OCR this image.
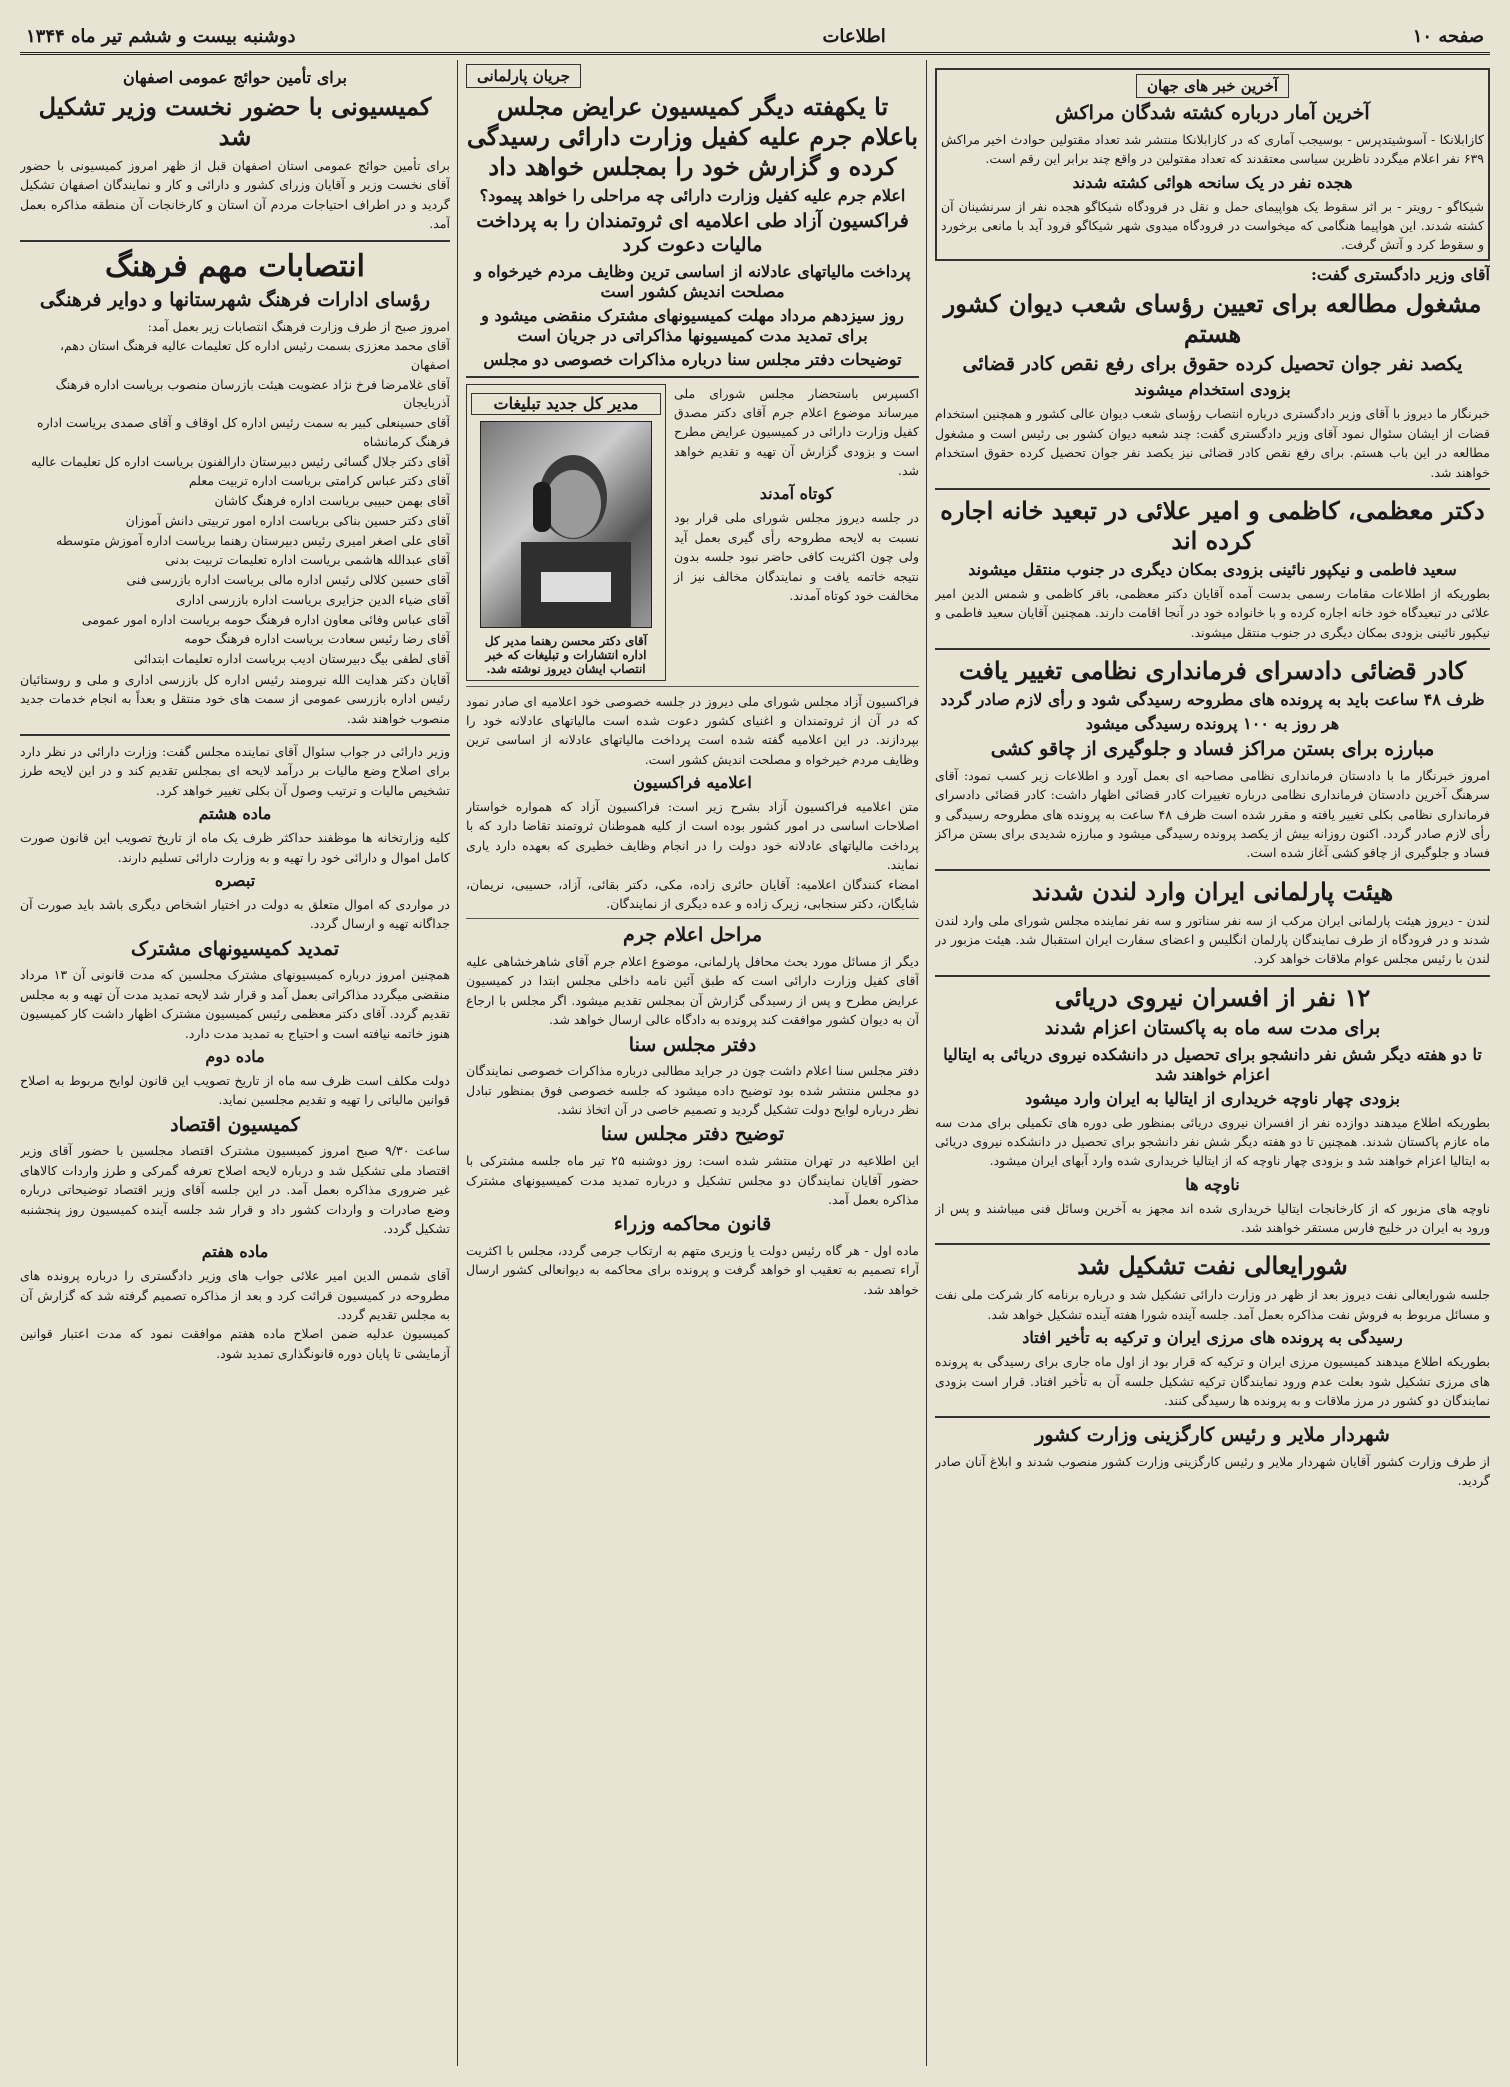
صفحه ۱۰
اطلاعات
دوشنبه بیست و ششم تیر ماه ۱۳۴۴
آخرین خبر های جهان
آخرین آمار درباره کشته شدگان مراکش
کازابلانکا - آسوشیتدپرس - بوسیجب آماری که در کازابلانکا منتشر شد تعداد مقتولین حوادث اخیر مراکش ۶۳۹ نفر اعلام میگردد ناظرین سیاسی معتقدند که تعداد مقتولین در واقع چند برابر این رقم است.
هجده نفر در یک سانحه هوائی کشته شدند
شیکاگو - رویتر - بر اثر سقوط یک هواپیمای حمل و نقل در فرودگاه شیکاگو هجده نفر از سرنشینان آن کشته شدند. این هواپیما هنگامی که میخواست در فرودگاه میدوی شهر شیکاگو فرود آید با مانعی برخورد و سقوط کرد و آتش گرفت.
آقای وزیر دادگستری گفت:
مشغول مطالعه برای تعیین رؤسای شعب دیوان کشور هستم
یکصد نفر جوان تحصیل کرده حقوق برای رفع نقص کادر قضائی
بزودی استخدام میشوند
خبرنگار ما دیروز با آقای وزیر دادگستری درباره انتصاب رؤسای شعب دیوان عالی کشور و همچنین استخدام قضات از ایشان سئوال نمود آقای وزیر دادگستری گفت: چند شعبه دیوان کشور بی رئیس است و مشغول مطالعه در این باب هستم. برای رفع نقص کادر قضائی نیز یکصد نفر جوان تحصیل کرده حقوق استخدام خواهند شد.
دکتر معظمی، کاظمی و امیر علائی در تبعید خانه اجاره کرده اند
سعید فاطمی و نیکپور نائینی بزودی بمکان دیگری در جنوب منتقل میشوند
بطوریکه از اطلاعات مقامات رسمی بدست آمده آقایان دکتر معظمی، باقر کاظمی و شمس الدین امیر علائی در تبعیدگاه خود خانه اجاره کرده و با خانواده خود در آنجا اقامت دارند. همچنین آقایان سعید فاطمی و نیکپور نائینی بزودی بمکان دیگری در جنوب منتقل میشوند.
کادر قضائی دادسرای فرمانداری نظامی تغییر یافت
ظرف ۴۸ ساعت باید به پرونده های مطروحه رسیدگی شود و رأی لازم صادر گردد
هر روز به ۱۰۰ پرونده رسیدگی میشود
مبارزه برای بستن مراکز فساد و جلوگیری از چاقو کشی
امروز خبرنگار ما با دادستان فرمانداری نظامی مصاحبه ای بعمل آورد و اطلاعات زیر کسب نمود: آقای سرهنگ آخرین دادستان فرمانداری نظامی درباره تغییرات کادر قضائی اظهار داشت: کادر قضائی دادسرای فرمانداری نظامی بکلی تغییر یافته و مقرر شده است ظرف ۴۸ ساعت به پرونده های مطروحه رسیدگی و رأی لازم صادر گردد. اکنون روزانه بیش از یکصد پرونده رسیدگی میشود و مبارزه شدیدی برای بستن مراکز فساد و جلوگیری از چاقو کشی آغاز شده است.
هیئت پارلمانی ایران وارد لندن شدند
لندن - دیروز هیئت پارلمانی ایران مرکب از سه نفر سناتور و سه نفر نماینده مجلس شورای ملی وارد لندن شدند و در فرودگاه از طرف نمایندگان پارلمان انگلیس و اعضای سفارت ایران استقبال شد. هیئت مزبور در لندن با رئیس مجلس عوام ملاقات خواهد کرد.
۱۲ نفر از افسران نیروی دریائی
برای مدت سه ماه به پاکستان اعزام شدند
تا دو هفته دیگر شش نفر دانشجو برای تحصیل در دانشکده نیروی دریائی به ایتالیا اعزام خواهند شد
بزودی چهار ناوچه خریداری از ایتالیا به ایران وارد میشود
بطوریکه اطلاع میدهند دوازده نفر از افسران نیروی دریائی بمنظور طی دوره های تکمیلی برای مدت سه ماه عازم پاکستان شدند. همچنین تا دو هفته دیگر شش نفر دانشجو برای تحصیل در دانشکده نیروی دریائی به ایتالیا اعزام خواهند شد و بزودی چهار ناوچه که از ایتالیا خریداری شده وارد آبهای ایران میشود.
ناوچه ها
ناوچه های مزبور که از کارخانجات ایتالیا خریداری شده اند مجهز به آخرین وسائل فنی میباشند و پس از ورود به ایران در خلیج فارس مستقر خواهند شد.
شورایعالی نفت تشکیل شد
جلسه شورایعالی نفت دیروز بعد از ظهر در وزارت دارائی تشکیل شد و درباره برنامه کار شرکت ملی نفت و مسائل مربوط به فروش نفت مذاکره بعمل آمد. جلسه آینده شورا هفته آینده تشکیل خواهد شد.
رسیدگی به پرونده های مرزی ایران و ترکیه به تأخیر افتاد
بطوریکه اطلاع میدهند کمیسیون مرزی ایران و ترکیه که قرار بود از اول ماه جاری برای رسیدگی به پرونده های مرزی تشکیل شود بعلت عدم ورود نمایندگان ترکیه تشکیل جلسه آن به تأخیر افتاد. قرار است بزودی نمایندگان دو کشور در مرز ملاقات و به پرونده ها رسیدگی کنند.
شهردار ملایر و رئیس کارگزینی وزارت کشور
از طرف وزارت کشور آقایان شهردار ملایر و رئیس کارگزینی وزارت کشور منصوب شدند و ابلاغ آنان صادر گردید.
جریان پارلمانی
تا یکهفته دیگر کمیسیون عرایض مجلس باعلام جرم علیه کفیل وزارت دارائی رسیدگی کرده و گزارش خود را بمجلس خواهد داد
اعلام جرم علیه کفیل وزارت دارائی چه مراحلی را خواهد پیمود؟
فراکسیون آزاد طی اعلامیه ای ثروتمندان را به پرداخت مالیات دعوت کرد
پرداخت مالیاتهای عادلانه از اساسی ترین وظایف مردم خیرخواه و مصلحت اندیش کشور است
روز سیزدهم مرداد مهلت کمیسیونهای مشترک منقضی میشود و برای تمدید مدت کمیسیونها مذاکراتی در جریان است
توضیحات دفتر مجلس سنا درباره مذاکرات خصوصی دو مجلس
اکسپرس باستحضار مجلس شورای ملی میرساند موضوع اعلام جرم آقای دکتر مصدق کفیل وزارت دارائی در کمیسیون عرایض مطرح است و بزودی گزارش آن تهیه و تقدیم خواهد شد.
کوتاه آمدند
در جلسه دیروز مجلس شورای ملی قرار بود نسبت به لایحه مطروحه رأی گیری بعمل آید ولی چون اکثریت کافی حاضر نبود جلسه بدون نتیجه خاتمه یافت و نمایندگان مخالف نیز از مخالفت خود کوتاه آمدند.
مدیر کل جدید تبلیغات
آقای دکتر محسن رهنما مدیر کل اداره انتشارات و تبلیغات که خبر انتصاب ایشان دیروز نوشته شد.
فراکسیون آزاد مجلس شورای ملی دیروز در جلسه خصوصی خود اعلامیه ای صادر نمود که در آن از ثروتمندان و اغنیای کشور دعوت شده است مالیاتهای عادلانه خود را بپردازند. در این اعلامیه گفته شده است پرداخت مالیاتهای عادلانه از اساسی ترین وظایف مردم خیرخواه و مصلحت اندیش کشور است.
اعلامیه فراکسیون
متن اعلامیه فراکسیون آزاد بشرح زیر است: فراکسیون آزاد که همواره خواستار اصلاحات اساسی در امور کشور بوده است از کلیه هموطنان ثروتمند تقاضا دارد که با پرداخت مالیاتهای عادلانه خود دولت را در انجام وظایف خطیری که بعهده دارد یاری نمایند.
امضاء کنندگان اعلامیه: آقایان حائری زاده، مکی، دکتر بقائی، آزاد، حسیبی، نریمان، شایگان، دکتر سنجابی، زیرک زاده و عده دیگری از نمایندگان.
مراحل اعلام جرم
دیگر از مسائل مورد بحث محافل پارلمانی، موضوع اعلام جرم آقای شاهرخشاهی علیه آقای کفیل وزارت دارائی است که طبق آئین نامه داخلی مجلس ابتدا در کمیسیون عرایض مطرح و پس از رسیدگی گزارش آن بمجلس تقدیم میشود. اگر مجلس با ارجاع آن به دیوان کشور موافقت کند پرونده به دادگاه عالی ارسال خواهد شد.
دفتر مجلس سنا
دفتر مجلس سنا اعلام داشت چون در جراید مطالبی درباره مذاکرات خصوصی نمایندگان دو مجلس منتشر شده بود توضیح داده میشود که جلسه خصوصی فوق بمنظور تبادل نظر درباره لوایح دولت تشکیل گردید و تصمیم خاصی در آن اتخاذ نشد.
توضیح دفتر مجلس سنا
این اطلاعیه در تهران منتشر شده است: روز دوشنبه ۲۵ تیر ماه جلسه مشترکی با حضور آقایان نمایندگان دو مجلس تشکیل و درباره تمدید مدت کمیسیونهای مشترک مذاکره بعمل آمد.
قانون محاکمه وزراء
ماده اول - هر گاه رئیس دولت یا وزیری متهم به ارتکاب جرمی گردد، مجلس با اکثریت آراء تصمیم به تعقیب او خواهد گرفت و پرونده برای محاکمه به دیوانعالی کشور ارسال خواهد شد.
برای تأمین حوائج عمومی اصفهان
کمیسیونی با حضور نخست وزیر تشکیل شد
برای تأمین حوائج عمومی استان اصفهان قبل از ظهر امروز کمیسیونی با حضور آقای نخست وزیر و آقایان وزرای کشور و دارائی و کار و نمایندگان اصفهان تشکیل گردید و در اطراف احتیاجات مردم آن استان و کارخانجات آن منطقه مذاکره بعمل آمد.
انتصابات مهم فرهنگ
رؤسای ادارات فرهنگ شهرستانها و دوایر فرهنگی
امروز صبح از طرف وزارت فرهنگ انتصابات زیر بعمل آمد:

آقای محمد معززی بسمت رئیس اداره کل تعلیمات عالیه فرهنگ استان دهم، اصفهان

آقای غلامرضا فرخ نژاد عضویت هیئت بازرسان منصوب بریاست اداره فرهنگ آذربایجان

آقای حسینعلی کبیر به سمت رئیس اداره کل اوقاف و آقای صمدی بریاست اداره فرهنگ کرمانشاه

آقای دکتر جلال گسائی رئیس دبیرستان دارالفنون بریاست اداره کل تعلیمات عالیه

آقای دکتر عباس کرامتی بریاست اداره تربیت معلم

آقای بهمن حبیبی بریاست اداره فرهنگ کاشان

آقای دکتر حسین بناکی بریاست اداره امور تربیتی دانش آموزان

آقای علی اصغر امیری رئیس دبیرستان رهنما بریاست اداره آموزش متوسطه

آقای عبدالله هاشمی بریاست اداره تعلیمات تربیت بدنی

آقای حسین کلالی رئیس اداره مالی بریاست اداره بازرسی فنی

آقای ضیاء الدین جزایری بریاست اداره بازرسی اداری

آقای عباس وفائی معاون اداره فرهنگ حومه بریاست اداره امور عمومی

آقای رضا رئیس سعادت بریاست اداره فرهنگ حومه

آقای لطفی بیگ دبیرستان ادیب بریاست اداره تعلیمات ابتدائی

آقایان دکتر هدایت الله نیرومند رئیس اداره کل بازرسی اداری و ملی و روستائیان رئیس اداره بازرسی عمومی از سمت های خود منتقل و بعداً به انجام خدمات جدید منصوب خواهند شد.
وزیر دارائی در جواب سئوال آقای نماینده مجلس گفت: وزارت دارائی در نظر دارد برای اصلاح وضع مالیات بر درآمد لایحه ای بمجلس تقدیم کند و در این لایحه طرز تشخیص مالیات و ترتیب وصول آن بکلی تغییر خواهد کرد.
ماده هشتم
کلیه وزارتخانه ها موظفند حداکثر ظرف یک ماه از تاریخ تصویب این قانون صورت کامل اموال و دارائی خود را تهیه و به وزارت دارائی تسلیم دارند.
تبصره
در مواردی که اموال متعلق به دولت در اختیار اشخاص دیگری باشد باید صورت آن جداگانه تهیه و ارسال گردد.
تمدید کمیسیونهای مشترک
همچنین امروز درباره کمیسیونهای مشترک مجلسین که مدت قانونی آن ۱۳ مرداد منقضی میگردد مذاکراتی بعمل آمد و قرار شد لایحه تمدید مدت آن تهیه و به مجلس تقدیم گردد. آقای دکتر معظمی رئیس کمیسیون مشترک اظهار داشت کار کمیسیون هنوز خاتمه نیافته است و احتیاج به تمدید مدت دارد.
ماده دوم
دولت مکلف است ظرف سه ماه از تاریخ تصویب این قانون لوایح مربوط به اصلاح قوانین مالیاتی را تهیه و تقدیم مجلسین نماید.
کمیسیون اقتصاد
ساعت ۹/۳۰ صبح امروز کمیسیون مشترک اقتصاد مجلسین با حضور آقای وزیر اقتصاد ملی تشکیل شد و درباره لایحه اصلاح تعرفه گمرکی و طرز واردات کالاهای غیر ضروری مذاکره بعمل آمد. در این جلسه آقای وزیر اقتصاد توضیحاتی درباره وضع صادرات و واردات کشور داد و قرار شد جلسه آینده کمیسیون روز پنجشنبه تشکیل گردد.
ماده هفتم
آقای شمس الدین امیر علائی جواب های وزیر دادگستری را درباره پرونده های مطروحه در کمیسیون قرائت کرد و بعد از مذاکره تصمیم گرفته شد که گزارش آن به مجلس تقدیم گردد.
کمیسیون عدلیه ضمن اصلاح ماده هفتم موافقت نمود که مدت اعتبار قوانین آزمایشی تا پایان دوره قانونگذاری تمدید شود.
